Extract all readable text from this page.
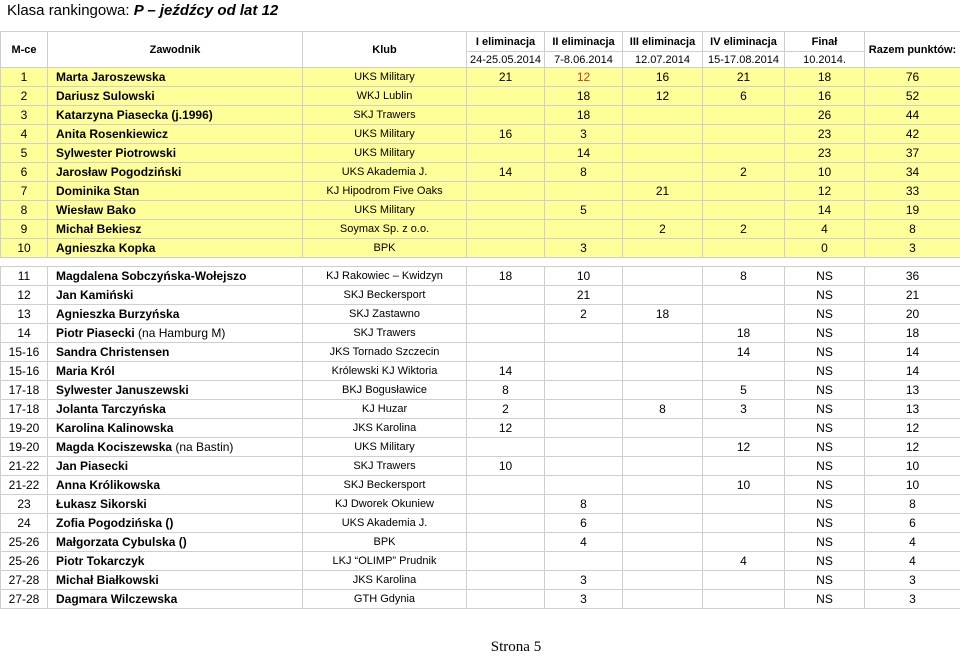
Klasa rankingowa: P – jeźdźcy od lat 12
M-ce	Zawodnik	Klub	I eliminacja	II eliminacja	III eliminacja	IV eliminacja	Finał	Razem punktów:
			24-25.05.2014	7-8.06.2014	12.07.2014	15-17.08.2014	10.2014.	
1	Marta Jaroszewska	UKS Military	21	12	16	21	18	76
2	Dariusz Sulowski	WKJ Lublin		18	12	6	16	52
3	Katarzyna Piasecka (j.1996)	SKJ Trawers		18			26	44
4	Anita Rosenkiewicz	UKS Military	16	3			23	42
5	Sylwester Piotrowski	UKS Military		14			23	37
6	Jarosław Pogodziński	UKS Akademia J.	14	8		2	10	34
7	Dominika Stan	KJ Hipodrom Five Oaks			21		12	33
8	Wiesław Bako	UKS Military		5			14	19
9	Michał Bekiesz	Soymax Sp. z o.o.			2	2	4	8
10	Agnieszka Kopka	BPK		3			0	3

11	Magdalena Sobczyńska-Wołejszo	KJ Rakowiec – Kwidzyn	18	10		8	NS	36
12	Jan Kamiński	SKJ Beckersport		21			NS	21
13	Agnieszka Burzyńska	SKJ Zastawno		2	18		NS	20
14	Piotr Piasecki (na Hamburg M)	SKJ Trawers				18	NS	18
15-16	Sandra Christensen	JKS Tornado Szczecin				14	NS	14
15-16	Maria Król	Królewski KJ Wiktoria	14				NS	14
17-18	Sylwester Januszewski	BKJ Bogusławice	8			5	NS	13
17-18	Jolanta Tarczyńska	KJ Huzar	2		8	3	NS	13
19-20	Karolina Kalinowska	JKS Karolina	12				NS	12
19-20	Magda Kociszewska (na Bastin)	UKS Military				12	NS	12
21-22	Jan Piasecki	SKJ Trawers	10				NS	10
21-22	Anna Królikowska	SKJ Beckersport				10	NS	10
23	Łukasz Sikorski	KJ Dworek Okuniew		8			NS	8
24	Zofia Pogodzińska ()	UKS Akademia J.		6			NS	6
25-26	Małgorzata Cybulska ()	BPK		4			NS	4
25-26	Piotr Tokarczyk	LKJ “OLIMP” Prudnik				4	NS	4
27-28	Michał Białkowski	JKS Karolina		3			NS	3
27-28	Dagmara Wilczewska	GTH Gdynia		3			NS	3
Strona 5
